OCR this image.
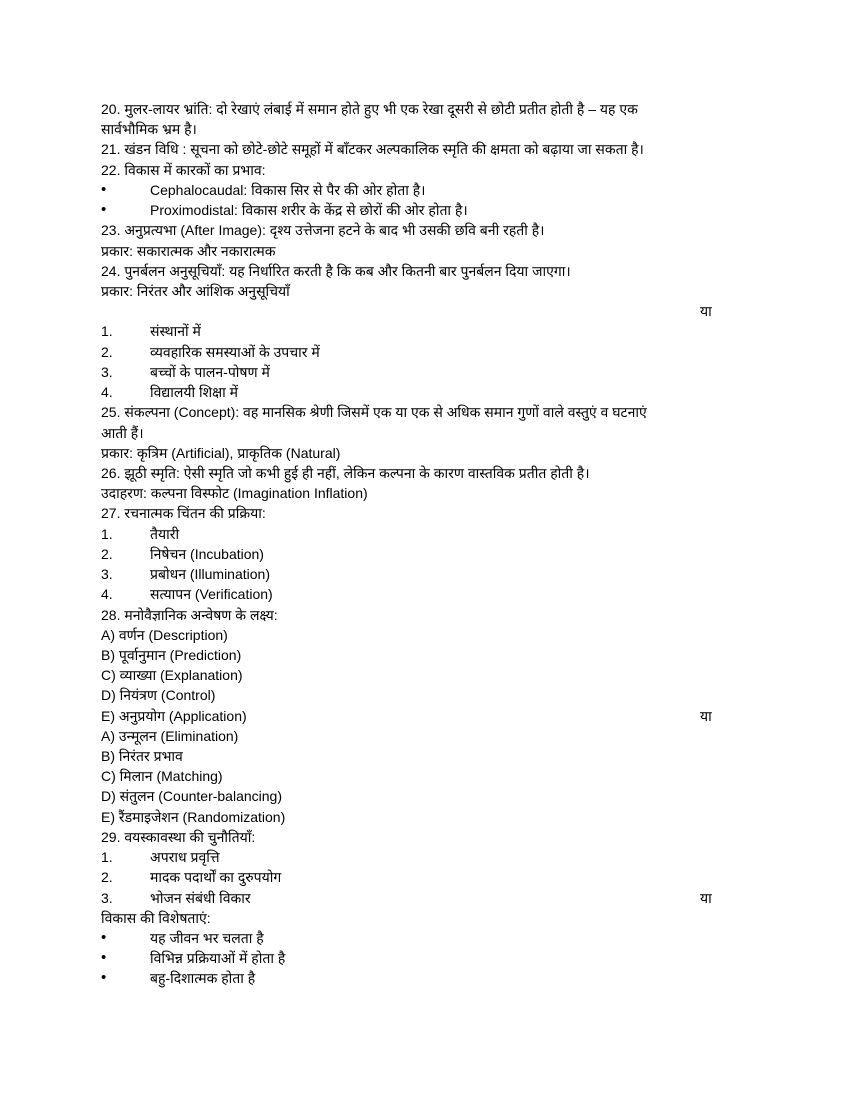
20. मुलर-लायर भ्रांति: दो रेखाएं लंबाई में समान होते हुए भी एक रेखा दूसरी से छोटी प्रतीत होती है – यह एक
सार्वभौमिक भ्रम है।
21. खंडन विधि : सूचना को छोटे-छोटे समूहों में बाँटकर अल्पकालिक स्मृति की क्षमता को बढ़ाया जा सकता है।
22. विकास में कारकों का प्रभाव:
•	Cephalocaudal: विकास सिर से पैर की ओर होता है।
•	Proximodistal: विकास शरीर के केंद्र से छोरों की ओर होता है।
23. अनुप्रत्यभा (After Image): दृश्य उत्तेजना हटने के बाद भी उसकी छवि बनी रहती है।
प्रकार: सकारात्मक और नकारात्मक
24. पुनर्बलन अनुसूचियाँ: यह निर्धारित करती है कि कब और कितनी बार पुनर्बलन दिया जाएगा।
प्रकार: निरंतर और आंशिक अनुसूचियाँ
या
1.	संस्थानों में
2.	व्यवहारिक समस्याओं के उपचार में
3.	बच्चों के पालन-पोषण में
4.	विद्यालयी शिक्षा में
25. संकल्पना (Concept): वह मानसिक श्रेणी जिसमें एक या एक से अधिक समान गुणों वाले वस्तुएं व घटनाएं
आती हैं।
प्रकार: कृत्रिम (Artificial), प्राकृतिक (Natural)
26. झूठी स्मृति: ऐसी स्मृति जो कभी हुई ही नहीं, लेकिन कल्पना के कारण वास्तविक प्रतीत होती है।
उदाहरण: कल्पना विस्फोट (Imagination Inflation)
27. रचनात्मक चिंतन की प्रक्रिया:
1.	तैयारी
2.	निषेचन (Incubation)
3.	प्रबोधन (Illumination)
4.	सत्यापन (Verification)
28. मनोवैज्ञानिक अन्वेषण के लक्ष्य:
A) वर्णन (Description)
B) पूर्वानुमान (Prediction)
C) व्याख्या (Explanation)
D) नियंत्रण (Control)
E) अनुप्रयोग (Application)	या
A) उन्मूलन (Elimination)
B) निरंतर प्रभाव
C) मिलान (Matching)
D) संतुलन (Counter-balancing)
E) रैंडमाइजेशन (Randomization)
29. वयस्कावस्था की चुनौतियाँ:
1.	अपराध प्रवृत्ति
2.	मादक पदार्थों का दुरुपयोग
3.	भोजन संबंधी विकार	या
विकास की विशेषताएं:
•	यह जीवन भर चलता है
•	विभिन्न प्रक्रियाओं में होता है
•	बहु-दिशात्मक होता है
